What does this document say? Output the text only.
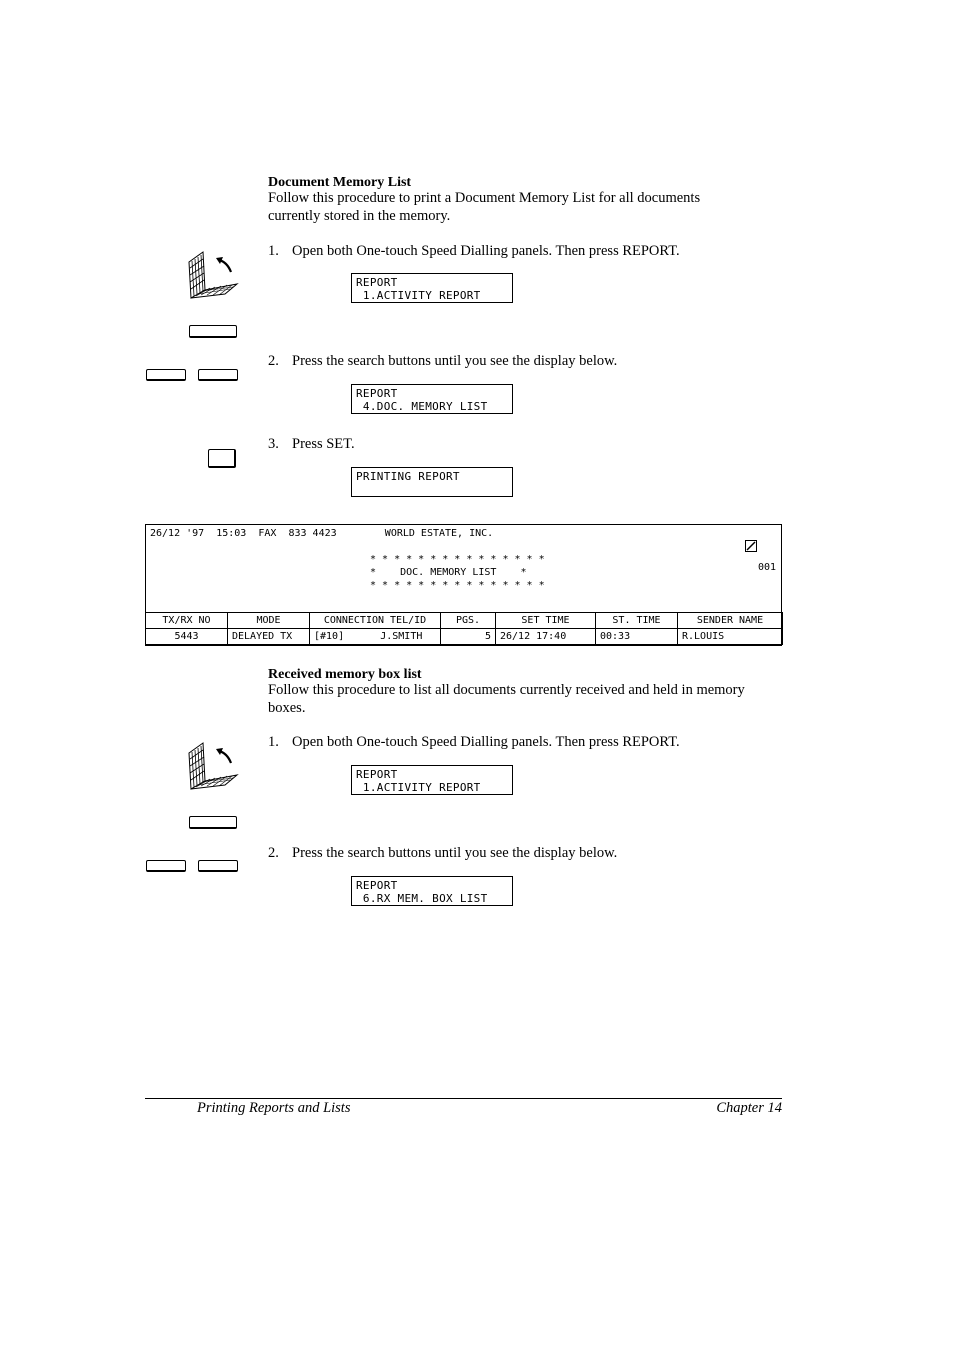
Document Memory List
Follow this procedure to print a Document Memory List for all documents currently stored in the memory.
1. Open both One-touch Speed Dialling panels. Then press REPORT.
REPORT
1.ACTIVITY REPORT
2. Press the search buttons until you see the display below.
REPORT
4.DOC. MEMORY LIST
3. Press SET.
PRINTING REPORT
26/12 '97  15:03  FAX  833 4423        WORLD ESTATE, INC.

001

* * * * * * * * * * * * * * *
*    DOC. MEMORY LIST    *
* * * * * * * * * * * * * * *
TX/RX NO	MODE	CONNECTION TEL/ID	PGS.	SET TIME	ST. TIME	SENDER NAME
5443	DELAYED TX	[#10]      J.SMITH	5	26/12 17:40	00:33	R.LOUIS
Received memory box list
Follow this procedure to list all documents currently received and held in memory boxes.
1. Open both One-touch Speed Dialling panels. Then press REPORT.
REPORT
1.ACTIVITY REPORT
2. Press the search buttons until you see the display below.
REPORT
6.RX MEM. BOX LIST
Printing Reports and Lists	Chapter 14
